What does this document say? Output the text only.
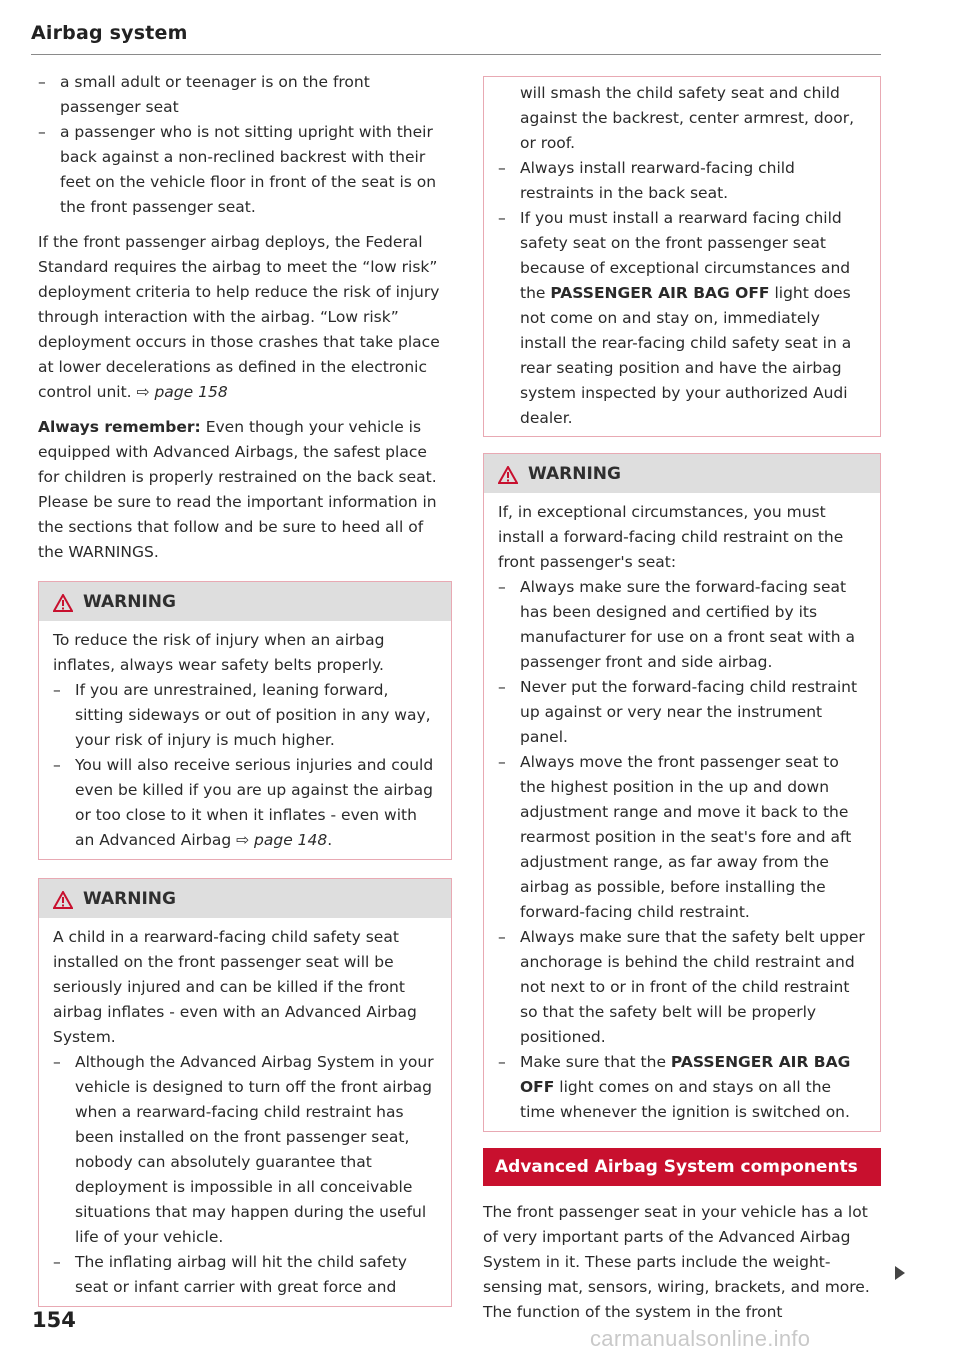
Airbag system
– a small adult or teenager is on the front passenger seat
– a passenger who is not sitting upright with their back against a non-reclined backrest with their feet on the vehicle floor in front of the seat is on the front passenger seat.

If the front passenger airbag deploys, the Federal Standard requires the airbag to meet the “low risk” deployment criteria to help reduce the risk of injury through interaction with the airbag. “Low risk” deployment occurs in those crashes that take place at lower decelerations as defined in the electronic control unit. ⇨ page 158

Always remember: Even though your vehicle is equipped with Advanced Airbags, the safest place for children is properly restrained on the back seat. Please be sure to read the important information in the sections that follow and be sure to heed all of the WARNINGS.

WARNING

To reduce the risk of injury when an airbag inflates, always wear safety belts properly.

– If you are unrestrained, leaning forward, sitting sideways or out of position in any way, your risk of injury is much higher.
– You will also receive serious injuries and could even be killed if you are up against the airbag or too close to it when it inflates - even with an Advanced Airbag ⇨ page 148.
WARNING

A child in a rearward-facing child safety seat installed on the front passenger seat will be seriously injured and can be killed if the front airbag inflates - even with an Advanced Airbag System.

– Although the Advanced Airbag System in your vehicle is designed to turn off the front airbag when a rearward-facing child restraint has been installed on the front passenger seat, nobody can absolutely guarantee that deployment is impossible in all conceivable situations that may happen during the useful life of your vehicle.
– The inflating airbag will hit the child safety seat or infant carrier with great force and

will smash the child safety seat and child against the backrest, center armrest, door, or roof.

– Always install rearward-facing child restraints in the back seat.
– If you must install a rearward facing child safety seat on the front passenger seat because of exceptional circumstances and the PASSENGER AIR BAG OFF light does not come on and stay on, immediately install the rear-facing child safety seat in a rear seating position and have the airbag system inspected by your authorized Audi dealer.
WARNING

If, in exceptional circumstances, you must install a forward-facing child restraint on the front passenger's seat:

– Always make sure the forward-facing seat has been designed and certified by its manufacturer for use on a front seat with a passenger front and side airbag.
– Never put the forward-facing child restraint up against or very near the instrument panel.
– Always move the front passenger seat to the highest position in the up and down adjustment range and move it back to the rearmost position in the seat's fore and aft adjustment range, as far away from the airbag as possible, before installing the forward-facing child restraint.
– Always make sure that the safety belt upper anchorage is behind the child restraint and not next to or in front of the child restraint so that the safety belt will be properly positioned.
– Make sure that the PASSENGER AIR BAG OFF light comes on and stays on all the time whenever the ignition is switched on.
Advanced Airbag System components

The front passenger seat in your vehicle has a lot of very important parts of the Advanced Airbag System in it. These parts include the weight-sensing mat, sensors, wiring, brackets, and more. The function of the system in the front

154
carmanualsonline.info
